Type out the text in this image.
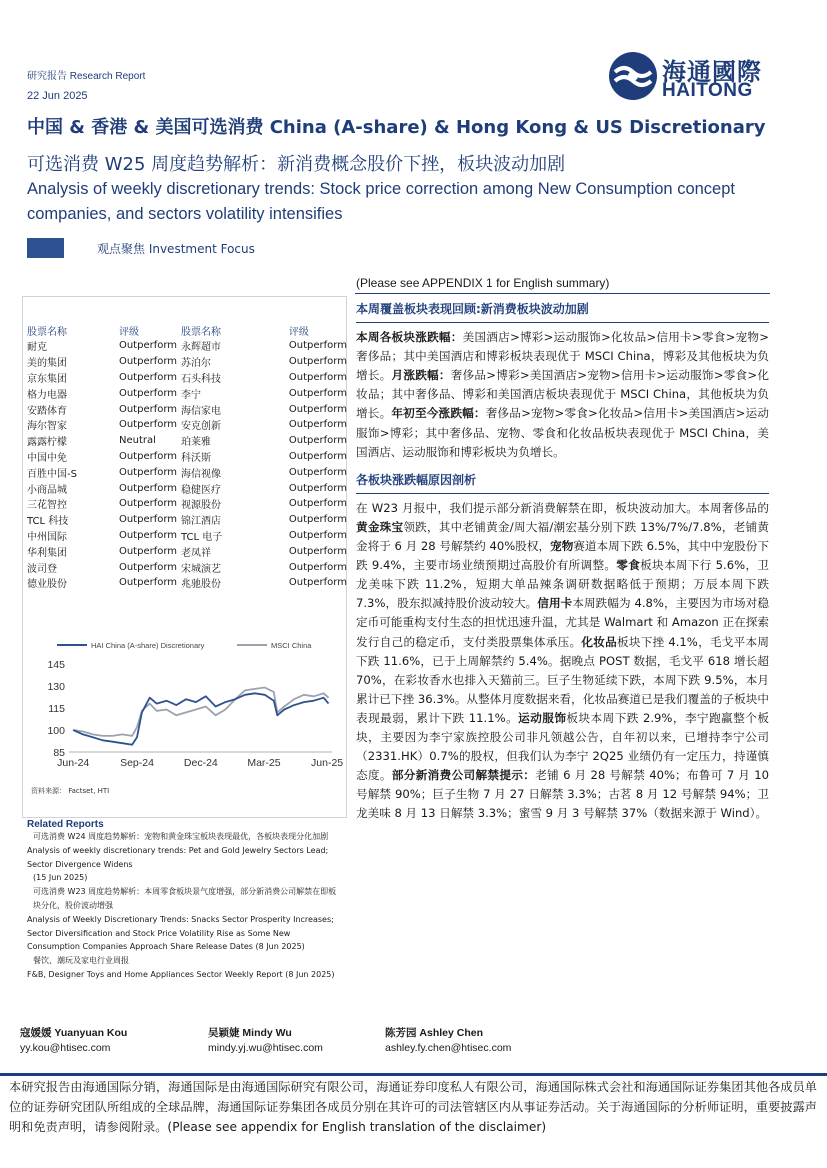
研究报告 Research Report
22 Jun 2025
海通國際
HAITONG
中国 & 香港 & 美国可选消费 China (A-share) & Hong Kong & US Discretionary
可选消费 W25 周度趋势解析：新消费概念股价下挫，板块波动加剧
Analysis of weekly discretionary trends: Stock price correction among New Consumption concept companies, and sectors volatility intensifies
观点聚焦 Investment Focus
(Please see APPENDIX 1 for English summary)
股票名称	评级	股票名称	评级
耐克	Outperform	永辉超市	Outperform
美的集团	Outperform	苏泊尔	Outperform
京东集团	Outperform	石头科技	Outperform
格力电器	Outperform	李宁	Outperform
安踏体育	Outperform	海信家电	Outperform
海尔智家	Outperform	安克创新	Outperform
露露柠檬	Neutral	珀莱雅	Outperform
中国中免	Outperform	科沃斯	Outperform
百胜中国-S	Outperform	海信视像	Outperform
小商品城	Outperform	稳健医疗	Outperform
三花智控	Outperform	视源股份	Outperform
TCL 科技	Outperform	锦江酒店	Outperform
中州国际	Outperform	TCL 电子	Outperform
华利集团	Outperform	老凤祥	Outperform
波司登	Outperform	宋城演艺	Outperform
德业股份	Outperform	兆驰股份	Outperform
HAI China (A-share) Discretionary	MSCI China
85
100
115
130
145
Jun-24	Sep-24	Dec-24	Mar-25	Jun-25
资料来源： Factset, HTI
Related Reports
可选消费 W24 周度趋势解析：宠物和黄金珠宝板块表现最优，各板块表现分化加剧
Analysis of weekly discretionary trends: Pet and Gold Jewelry Sectors Lead; Sector Divergence Widens
(15 Jun 2025)
可选消费 W23 周度趋势解析：本周零食板块景气度增强，部分新消费公司解禁在即板块分化，股价波动增强
Analysis of Weekly Discretionary Trends: Snacks Sector Prosperity Increases; Sector Diversification and Stock Price Volatility Rise as Some New Consumption Companies Approach Share Release Dates (8 Jun 2025)
餐饮、潮玩及家电行业周报
F&B, Designer Toys and Home Appliances Sector Weekly Report (8 Jun 2025)
本周覆盖板块表现回顾:新消费板块波动加剧

本周各板块涨跌幅：美国酒店>博彩>运动服饰>化妆品>信用卡>零食>宠物>奢侈品；其中美国酒店和博彩板块表现优于 MSCI China，博彩及其他板块为负增长。月涨跌幅：奢侈品>博彩>美国酒店>宠物>信用卡>运动服饰>零食>化妆品；其中奢侈品、博彩和美国酒店板块表现优于 MSCI China，其他板块为负增长。年初至今涨跌幅：奢侈品>宠物>零食>化妆品>信用卡>美国酒店>运动服饰>博彩；其中奢侈品、宠物、零食和化妆品板块表现优于 MSCI China，美国酒店、运动服饰和博彩板块为负增长。

各板块涨跌幅原因剖析

在 W23 月报中，我们提示部分新消费解禁在即，板块波动加大。本周奢侈品的黄金珠宝领跌，其中老铺黄金/周大福/潮宏基分别下跌 13%/7%/7.8%，老铺黄金将于 6 月 28 号解禁约 40%股权，宠物赛道本周下跌 6.5%，其中中宠股份下跌 9.4%，主要市场业绩预期过高股价有所调整。零食板块本周下行 5.6%，卫龙美味下跌 11.2%，短期大单品辣条调研数据略低于预期；万辰本周下跌 7.3%，股东拟减持股价波动较大。信用卡本周跌幅为 4.8%，主要因为市场对稳定币可能重构支付生态的担忧迅速升温，尤其是 Walmart 和 Amazon 正在探索发行自己的稳定币，支付类股票集体承压。化妆品板块下挫 4.1%，毛戈平本周下跌 11.6%，已于上周解禁约 5.4%。据晚点 POST 数据，毛戈平 618 增长超 70%，在彩妆香水也排入天猫前三。巨子生物延续下跌，本周下跌 9.5%，本月累计已下挫 36.3%。从整体月度数据来看，化妆品赛道已是我们覆盖的子板块中表现最弱，累计下跌 11.1%。运动服饰板块本周下跌 2.9%，李宁跑赢整个板块，主要因为李宁家族控股公司非凡领越公告，自年初以来，已增持李宁公司（2331.HK）0.7%的股权，但我们认为李宁 2Q25 业绩仍有一定压力，持谨慎态度。部分新消费公司解禁提示：老铺 6 月 28 号解禁 40%；布鲁可 7 月 10 号解禁 90%；巨子生物 7 月 27 日解禁 3.3%；古茗 8 月 12 号解禁 94%；卫龙美味 8 月 13 日解禁 3.3%；蜜雪 9 月 3 号解禁 37%（数据来源于 Wind）。

寇媛媛 Yuanyuan Kou
yy.kou@htisec.com
吴颖婕 Mindy Wu
mindy.yj.wu@htisec.com
陈芳园 Ashley Chen
ashley.fy.chen@htisec.com
本研究报告由海通国际分销，海通国际是由海通国际研究有限公司，海通证券印度私人有限公司，海通国际株式会社和海通国际证券集团其他各成员单位的证券研究团队所组成的全球品牌，海通国际证券集团各成员分别在其许可的司法管辖区内从事证券活动。关于海通国际的分析师证明，重要披露声明和免责声明，请参阅附录。(Please see appendix for English translation of the disclaimer)
